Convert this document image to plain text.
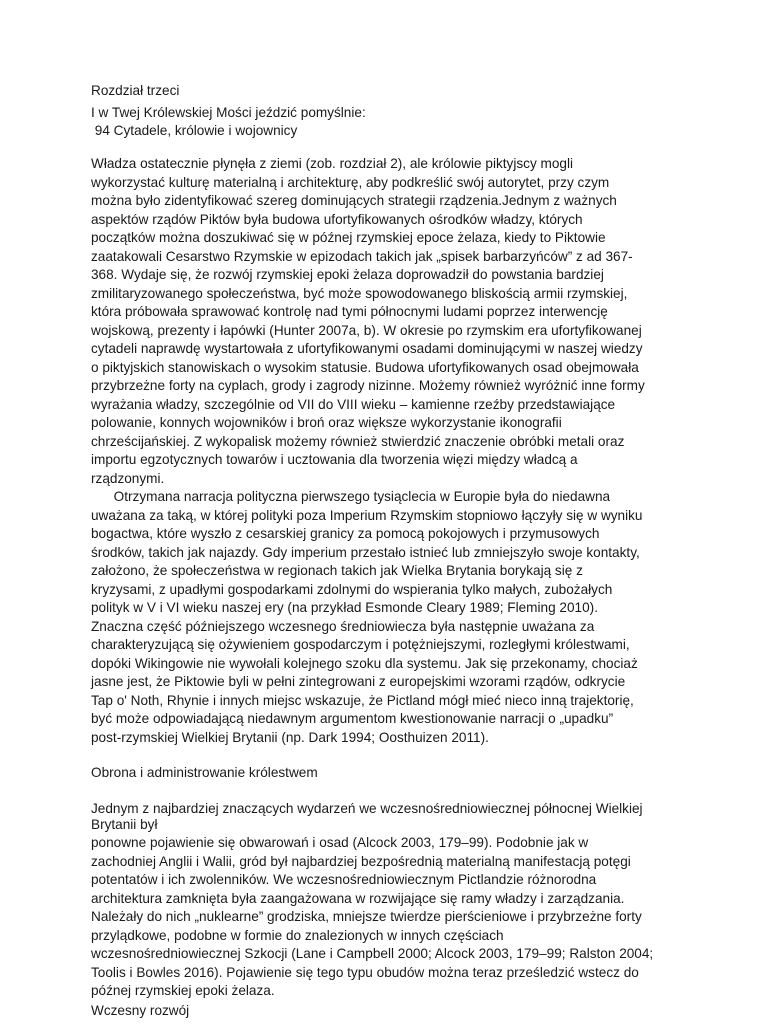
Rozdział trzeci
I w Twej Królewskiej Mości jeździć pomyślnie:
94 Cytadele, królowie i wojownicy
Władza ostatecznie płynęła z ziemi (zob. rozdział 2), ale królowie piktyjscy mogli
wykorzystać kulturę materialną i architekturę, aby podkreślić swój autorytet, przy czym
można było zidentyfikować szereg dominujących strategii rządzenia.Jednym z ważnych
aspektów rządów Piktów była budowa ufortyfikowanych ośrodków władzy, których
początków można doszukiwać się w późnej rzymskiej epoce żelaza, kiedy to Piktowie
zaatakowali Cesarstwo Rzymskie w epizodach takich jak „spisek barbarzyńców” z ad 367-
368. Wydaje się, że rozwój rzymskiej epoki żelaza doprowadził do powstania bardziej
zmilitaryzowanego społeczeństwa, być może spowodowanego bliskością armii rzymskiej,
która próbowała sprawować kontrolę nad tymi północnymi ludami poprzez interwencję
wojskową, prezenty i łapówki (Hunter 2007a, b). W okresie po rzymskim era ufortyfikowanej
cytadeli naprawdę wystartowała z ufortyfikowanymi osadami dominującymi w naszej wiedzy
o piktyjskich stanowiskach o wysokim statusie. Budowa ufortyfikowanych osad obejmowała
przybrzeżne forty na cyplach, grody i zagrody nizinne. Możemy również wyróżnić inne formy
wyrażania władzy, szczególnie od VII do VIII wieku – kamienne rzeźby przedstawiające
polowanie, konnych wojowników i broń oraz większe wykorzystanie ikonografii
chrześcijańskiej. Z wykopalisk możemy również stwierdzić znaczenie obróbki metali oraz
importu egzotycznych towarów i ucztowania dla tworzenia więzi między władcą a
rządzonymi.
Otrzymana narracja polityczna pierwszego tysiąclecia w Europie była do niedawna
uważana za taką, w której polityki poza Imperium Rzymskim stopniowo łączyły się w wyniku
bogactwa, które wyszło z cesarskiej granicy za pomocą pokojowych i przymusowych
środków, takich jak najazdy. Gdy imperium przestało istnieć lub zmniejszyło swoje kontakty,
założono, że społeczeństwa w regionach takich jak Wielka Brytania borykają się z
kryzysami, z upadłymi gospodarkami zdolnymi do wspierania tylko małych, zubożałych
polityk w V i VI wieku naszej ery (na przykład Esmonde Cleary 1989; Fleming 2010).
Znaczna część późniejszego wczesnego średniowiecza była następnie uważana za
charakteryzującą się ożywieniem gospodarczym i potężniejszymi, rozległymi królestwami,
dopóki Wikingowie nie wywołali kolejnego szoku dla systemu. Jak się przekonamy, chociaż
jasne jest, że Piktowie byli w pełni zintegrowani z europejskimi wzorami rządów, odkrycie
Tap o' Noth, Rhynie i innych miejsc wskazuje, że Pictland mógł mieć nieco inną trajektorię,
być może odpowiadającą niedawnym argumentom kwestionowanie narracji o „upadku”
post-rzymskiej Wielkiej Brytanii (np. Dark 1994; Oosthuizen 2011).
Obrona i administrowanie królestwem
Jednym z najbardziej znaczących wydarzeń we wczesnośredniowiecznej północnej Wielkiej
Brytanii był
ponowne pojawienie się obwarowań i osad (Alcock 2003, 179–99). Podobnie jak w
zachodniej Anglii i Walii, gród był najbardziej bezpośrednią materialną manifestacją potęgi
potentatów i ich zwolenników. We wczesnośredniowiecznym Pictlandzie różnorodna
architektura zamknięta była zaangażowana w rozwijające się ramy władzy i zarządzania.
Należały do nich „nuklearne” grodziska, mniejsze twierdze pierścieniowe i przybrzeżne forty
przylądkowe, podobne w formie do znalezionych w innych częściach
wczesnośredniowiecznej Szkocji (Lane i Campbell 2000; Alcock 2003, 179–99; Ralston 2004;
Toolis i Bowles 2016). Pojawienie się tego typu obudów można teraz prześledzić wstecz do
późnej rzymskiej epoki żelaza.
Wczesny rozwój
